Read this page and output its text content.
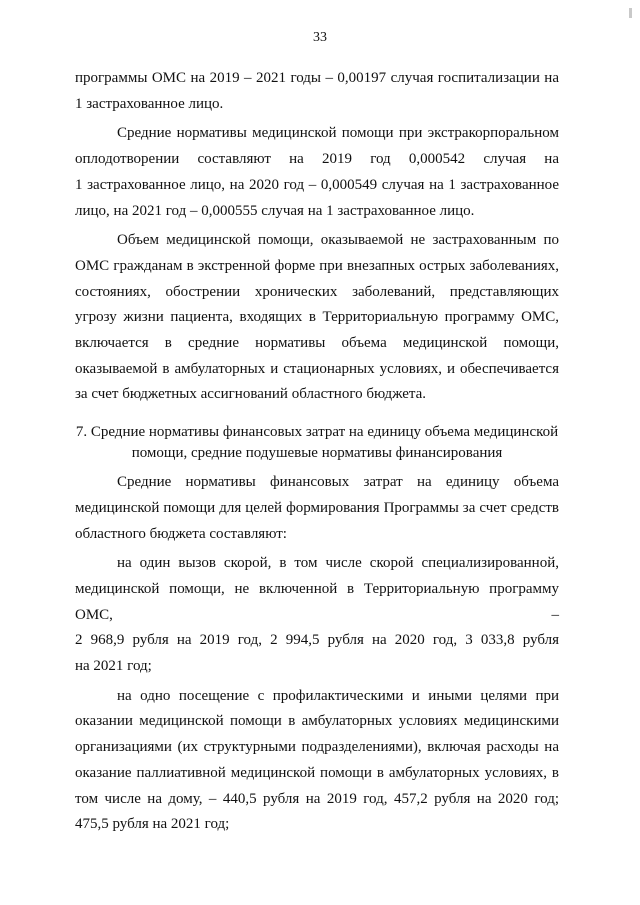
33

программы ОМС на 2019 – 2021 годы – 0,00197 случая госпитализации на
1 застрахованное лицо.

Средние нормативы медицинской помощи при экстракорпоральном
оплодотворении составляют на 2019 год 0,000542 случая на
1 застрахованное лицо, на 2020 год – 0,000549 случая на 1 застрахованное
лицо, на 2021 год – 0,000555 случая на 1 застрахованное лицо.

Объем медицинской помощи, оказываемой не застрахованным по
ОМС гражданам в экстренной форме при внезапных острых заболеваниях,
состояниях, обострении хронических заболеваний, представляющих
угрозу жизни пациента, входящих в Территориальную программу ОМС,
включается в средние нормативы объема медицинской помощи,
оказываемой в амбулаторных и стационарных условиях, и обеспечивается
за счет бюджетных ассигнований областного бюджета.

7. Средние нормативы финансовых затрат на единицу объема медицинской
помощи, средние подушевые нормативы финансирования

Средние нормативы финансовых затрат на единицу объема
медицинской помощи для целей формирования Программы за счет средств
областного бюджета составляют:

на один вызов скорой, в том числе скорой специализированной,
медицинской помощи, не включенной в Территориальную программу ОМС, –
2 968,9 рубля на 2019 год, 2 994,5 рубля на 2020 год, 3 033,8 рубля
на 2021 год;

на одно посещение с профилактическими и иными целями при
оказании медицинской помощи в амбулаторных условиях медицинскими
организациями (их структурными подразделениями), включая расходы на
оказание паллиативной медицинской помощи в амбулаторных условиях, в
том числе на дому, – 440,5 рубля на 2019 год, 457,2 рубля на 2020 год;
475,5 рубля на 2021 год;
